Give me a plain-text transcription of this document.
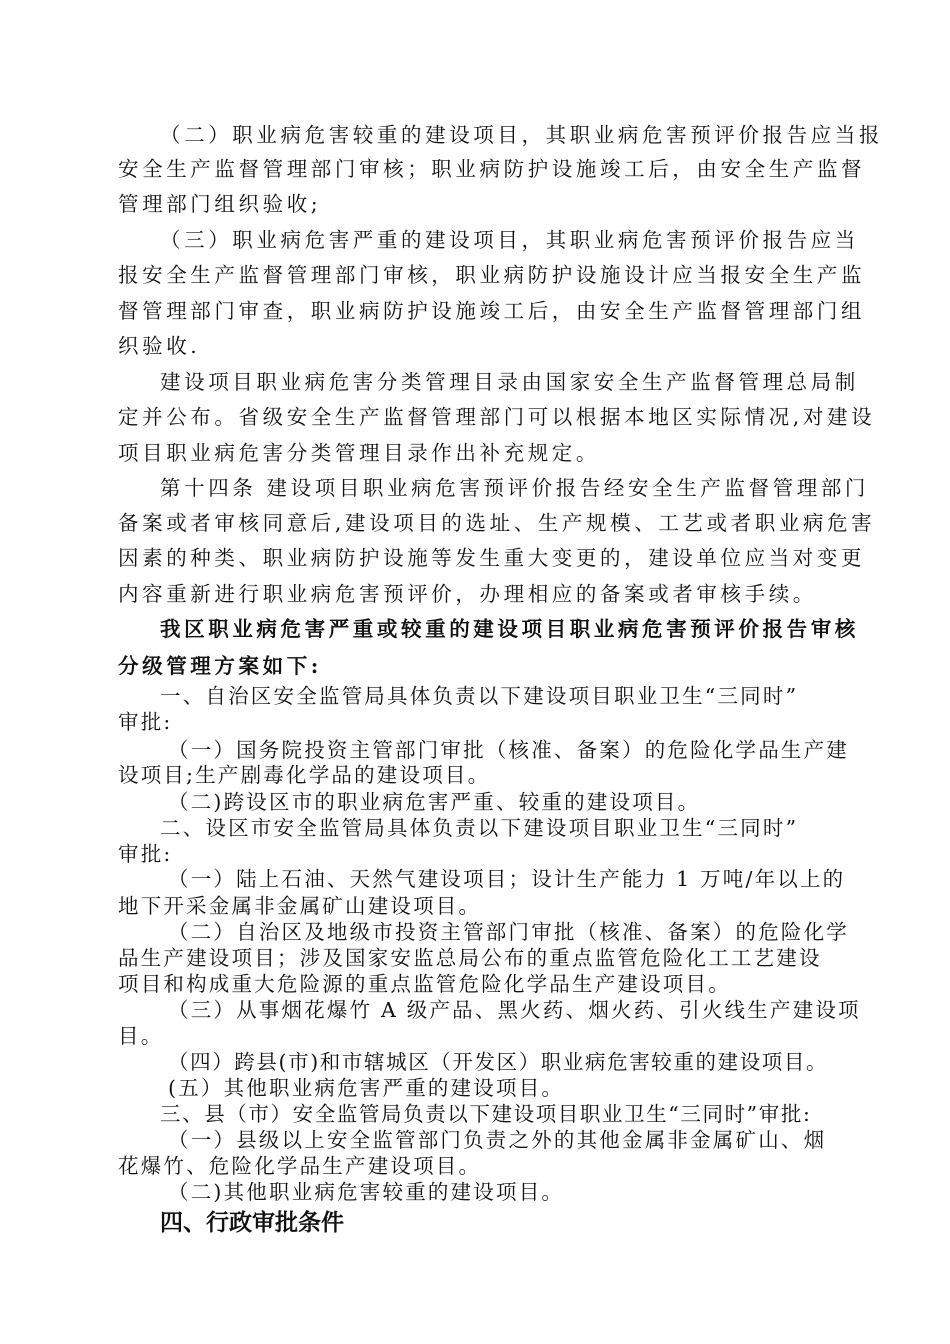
（二）职业病危害较重的建设项目，其职业病危害预评价报告应当报
安全生产监督管理部门审核；职业病防护设施竣工后，由安全生产监督
管理部门组织验收;
（三）职业病危害严重的建设项目，其职业病危害预评价报告应当
报安全生产监督管理部门审核，职业病防护设施设计应当报安全生产监
督管理部门审查，职业病防护设施竣工后，由安全生产监督管理部门组
织验收.
建设项目职业病危害分类管理目录由国家安全生产监督管理总局制
定并公布。省级安全生产监督管理部门可以根据本地区实际情况,对建设
项目职业病危害分类管理目录作出补充规定。
第十四条 建设项目职业病危害预评价报告经安全生产监督管理部门
备案或者审核同意后,建设项目的选址、生产规模、工艺或者职业病危害
因素的种类、职业病防护设施等发生重大变更的，建设单位应当对变更
内容重新进行职业病危害预评价，办理相应的备案或者审核手续。
我区职业病危害严重或较重的建设项目职业病危害预评价报告审核
分级管理方案如下:
一、自治区安全监管局具体负责以下建设项目职业卫生“三同时”
审批:
（一）国务院投资主管部门审批（核准、备案）的危险化学品生产建
设项目;生产剧毒化学品的建设项目。
（二)跨设区市的职业病危害严重、较重的建设项目。
二、设区市安全监管局具体负责以下建设项目职业卫生“三同时”
审批:
（一）陆上石油、天然气建设项目；设计生产能力 1 万吨/年以上的
地下开采金属非金属矿山建设项目。
（二）自治区及地级市投资主管部门审批（核准、备案）的危险化学
品生产建设项目；涉及国家安监总局公布的重点监管危险化工工艺建设
项目和构成重大危险源的重点监管危险化学品生产建设项目。
（三）从事烟花爆竹 A 级产品、黑火药、烟火药、引火线生产建设项
目。
（四）跨县(市)和市辖城区（开发区）职业病危害较重的建设项目。
(五）其他职业病危害严重的建设项目。
三、县（市）安全监管局负责以下建设项目职业卫生“三同时”审批:
（一）县级以上安全监管部门负责之外的其他金属非金属矿山、烟
花爆竹、危险化学品生产建设项目。
（二)其他职业病危害较重的建设项目。
四、行政审批条件
